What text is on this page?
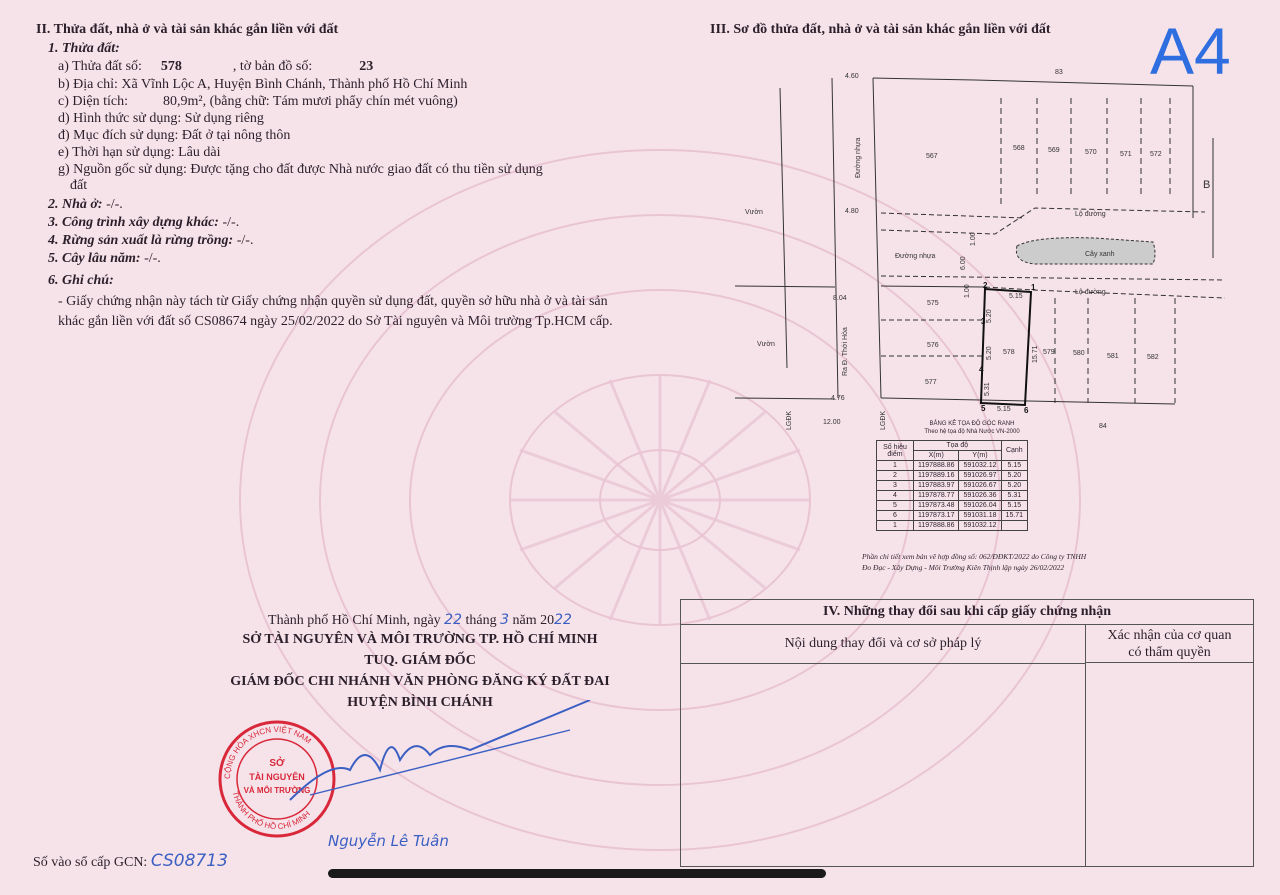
A4
II. Thửa đất, nhà ở và tài sản khác gắn liền với đất
1. Thửa đất:
a) Thửa đất số: 578	, tờ bản đồ số:	23
b) Địa chỉ: Xã Vĩnh Lộc A, Huyện Bình Chánh, Thành phố Hồ Chí Minh
c) Diện tích:	80,9m², (bằng chữ: Tám mươi phẩy chín mét vuông)
d) Hình thức sử dụng: Sử dụng riêng
đ) Mục đích sử dụng: Đất ở tại nông thôn
e) Thời hạn sử dụng: Lâu dài
g) Nguồn gốc sử dụng: Được tặng cho đất được Nhà nước giao đất có thu tiền sử dụng
đất
2. Nhà ở: -/-.
3. Công trình xây dựng khác: -/-.
4. Rừng sản xuất là rừng trồng: -/-.
5. Cây lâu năm: -/-.
6. Ghi chú:
- Giấy chứng nhận này tách từ Giấy chứng nhận quyền sử dụng đất, quyền sở hữu nhà ở và tài sản khác gắn liền với đất số CS08674 ngày 25/02/2022 do Sở Tài nguyên và Môi trường Tp.HCM cấp.
III. Sơ đồ thửa đất, nhà ở và tài sản khác gắn liền với đất
B
4.60
83
84
Vườn
Vườn
4.80
8.04
4.76
12.00
Đường nhựa
Lộ đường
Lộ đường
Cây xanh
567
568	569	570	571	572
575
576
577
578	579	580	581	582
5.15
5.15
Đường nhựa
Ra Đ. Thới Hòa
1.00
6.00
1.00
LGĐK	LGĐK
5.20
5.20
5.31
15.71
1
2
3
4
5	6
BẢNG KÊ TỌA ĐỘ GÓC RANH
Theo hệ tọa độ Nhà Nước VN-2000
Số hiệu điểm	Tọa độ		Cạnh
	X(m)	Y(m)	
1	1197888.86	591032.12	5.15
2	1197889.16	591026.97	5.20
3	1197883.97	591026.67	5.20
4	1197878.77	591026.36	5.31
5	1197873.48	591026.04	5.15
6	1197873.17	591031.18	15.71
1	1197888.86	591032.12	
Phần chi tiết xem bản vẽ hợp đồng số: 062/ĐĐKT/2022 do Công ty TNHH
Đo Đạc - Xây Dựng - Môi Trường Kiên Thịnh lập ngày 26/02/2022
Thành phố Hồ Chí Minh, ngày 22 tháng 3 năm 2022
SỞ TÀI NGUYÊN VÀ MÔI TRƯỜNG TP. HỒ CHÍ MINH
TUQ. GIÁM ĐỐC
GIÁM ĐỐC CHI NHÁNH VĂN PHÒNG ĐĂNG KÝ ĐẤT ĐAI
HUYỆN BÌNH CHÁNH
CỘNG HÒA XHCN VIỆT NAM
THÀNH PHỐ HỒ CHÍ MINH
SỞ
TÀI NGUYÊN
VÀ MÔI TRƯỜNG
Nguyễn Lê Tuân
IV. Những thay đổi sau khi cấp giấy chứng nhận
Nội dung thay đổi và cơ sở pháp lý
Xác nhận của cơ quan
có thẩm quyền
Số vào sổ cấp GCN: CS08713
